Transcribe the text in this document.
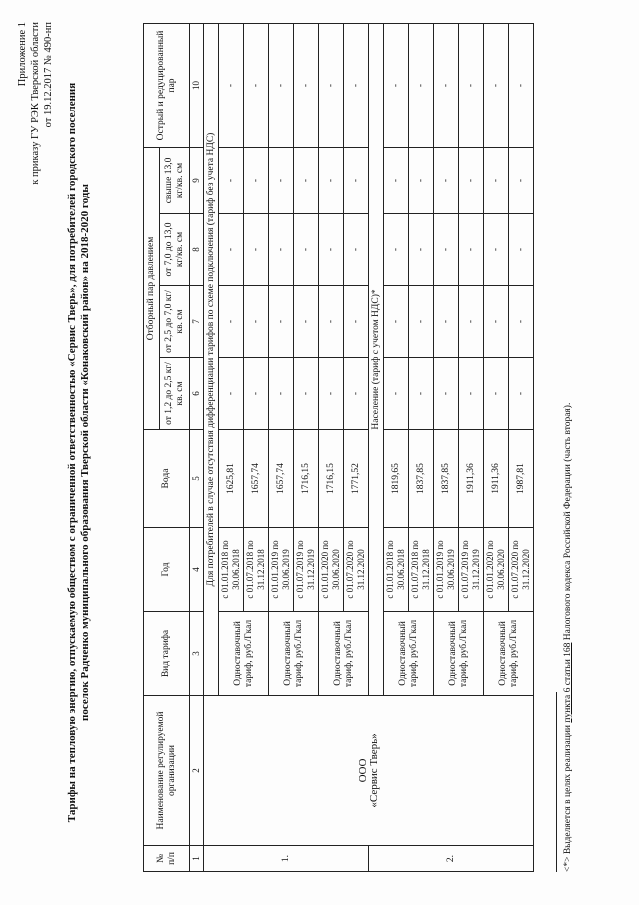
Приложение 1 к приказу ГУ РЭК Тверской области от 19.12.2017 № 490-нп
Тарифы на тепловую энергию, отпускаемую обществом с ограниченной ответственностью «Сервис Тверь», для потребителей городского поселения поселок Радченко муниципального образования Тверской области «Конаковский район» на 2018-2020 годы
№ п/п	Наименование регулируемой организации	Вид тарифа	Год	Вода	Отборный пар давлением				Острый и редуцированный пар
					от 1,2 до 2,5 кг/кв. см	от 2,5 до 7,0 кг/кв. см	от 7,0 до 13,0 кг/кв. см	свыше 13,0 кг/кв. см	
1	2	3	4	5	6	7	8	9	10
1.	ООО «Сервис Тверь»	Для потребителей в случае отсутствия дифференциации тарифов по схеме подключения (тариф без учета НДС)							
		Одноставочный тариф, руб./Гкал	с 01.01.2018 по 30.06.2018	1625,81	-	-	-	-	-
			с 01.07.2018 по 31.12.2018	1657,74	-	-	-	-	-
		Одноставочный тариф, руб./Гкал	с 01.01.2019 по 30.06.2019	1657,74	-	-	-	-	-
			с 01.07.2019 по 31.12.2019	1716,15	-	-	-	-	-
		Одноставочный тариф, руб./Гкал	с 01.01.2020 по 30.06.2020	1716,15	-	-	-	-	-
			с 01.07.2020 по 31.12.2020	1771,52	-	-	-	-	-
2.		Население (тариф с учетом НДС)*							
		Одноставочный тариф, руб./Гкал	с 01.01.2018 по 30.06.2018	1819,65	-	-	-	-	-
			с 01.07.2018 по 31.12.2018	1837,85	-	-	-	-	-
		Одноставочный тариф, руб./Гкал	с 01.01.2019 по 30.06.2019	1837,85	-	-	-	-	-
			с 01.07.2019 по 31.12.2019	1911,36	-	-	-	-	-
		Одноставочный тариф, руб./Гкал	с 01.01.2020 по 30.06.2020	1911,36	-	-	-	-	-
			с 01.07.2020 по 31.12.2020	1987,81	-	-	-	-	-
<*> Выделяется в целях реализации пункта 6 статьи 168 Налогового кодекса Российской Федерации (часть вторая).
